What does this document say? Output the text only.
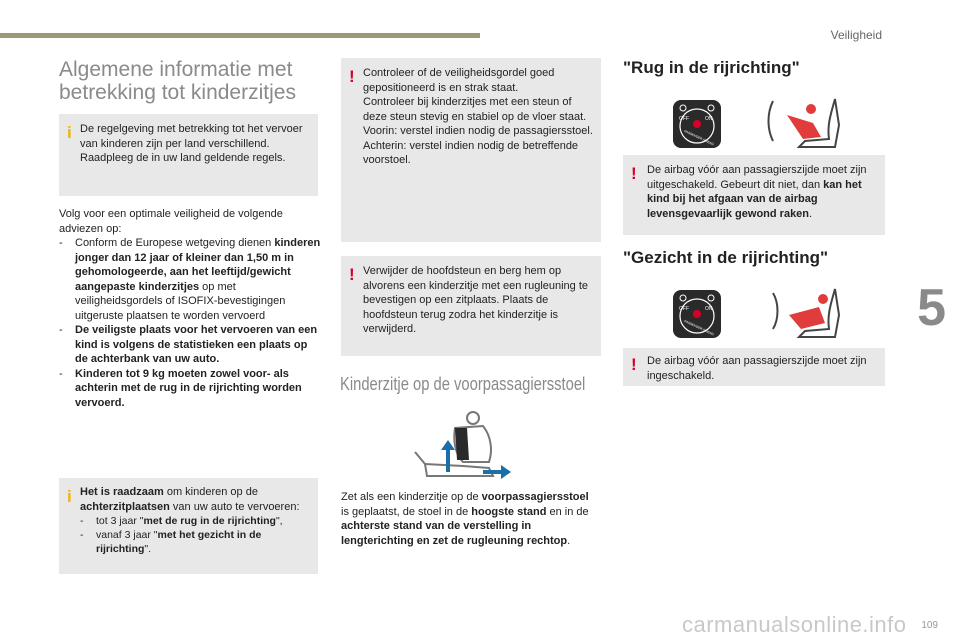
Veiligheid
5
Algemene informatie met betrekking tot kinderzitjes
i De regelgeving met betrekking tot het vervoer van kinderen zijn per land verschillend. Raadpleeg de in uw land geldende regels.

Volg voor een optimale veiligheid de volgende adviezen op:

- Conform de Europese wetgeving dienen kinderen jonger dan 12 jaar of kleiner dan 1,50 m in gehomologeerde, aan het leeftijd/gewicht aangepaste kinderzitjes op met veiligheidsgordels of ISOFIX-bevestigingen uitgeruste plaatsen te worden vervoerd
- De veiligste plaats voor het vervoeren van een kind is volgens de statistieken een plaats op de achterbank van uw auto.
- Kinderen tot 9 kg moeten zowel voor- als achterin met de rug in de rijrichting worden vervoerd.
i Het is raadzaam om kinderen op de achterzitplaatsen van uw auto te vervoeren:

- tot 3 jaar "met de rug in de rijrichting",
- vanaf 3 jaar "met het gezicht in de rijrichting".
! Controleer of de veiligheidsgordel goed gepositioneerd is en strak staat.
Controleer bij kinderzitjes met een steun of deze steun stevig en stabiel op de vloer staat.
Voorin: verstel indien nodig de passagiersstoel.
Achterin: verstel indien nodig de betreffende voorstoel.

! Verwijder de hoofdsteun en berg hem op alvorens een kinderzitje met een rugleuning te bevestigen op een zitplaats. Plaats de hoofdsteun terug zodra het kinderzitje is verwijderd.

Kinderzitje op de voorpassagiersstoel

Zet als een kinderzitje op de voorpassagiersstoel is geplaatst, de stoel in de hoogste stand en in de achterste stand van de verstelling in lengterichting en zet de rugleuning rechtop.

"Rug in de rijrichting"
OFF	ON
PASSENGER AIRBAG
! De airbag vóór aan passagierszijde moet zijn uitgeschakeld. Gebeurt dit niet, dan kan het kind bij het afgaan van de airbag levensgevaarlijk gewond raken.

"Gezicht in de rijrichting"
OFF	ON
PASSENGER AIRBAG
! De airbag vóór aan passagierszijde moet zijn ingeschakeld.

carmanualsonline.info 109
